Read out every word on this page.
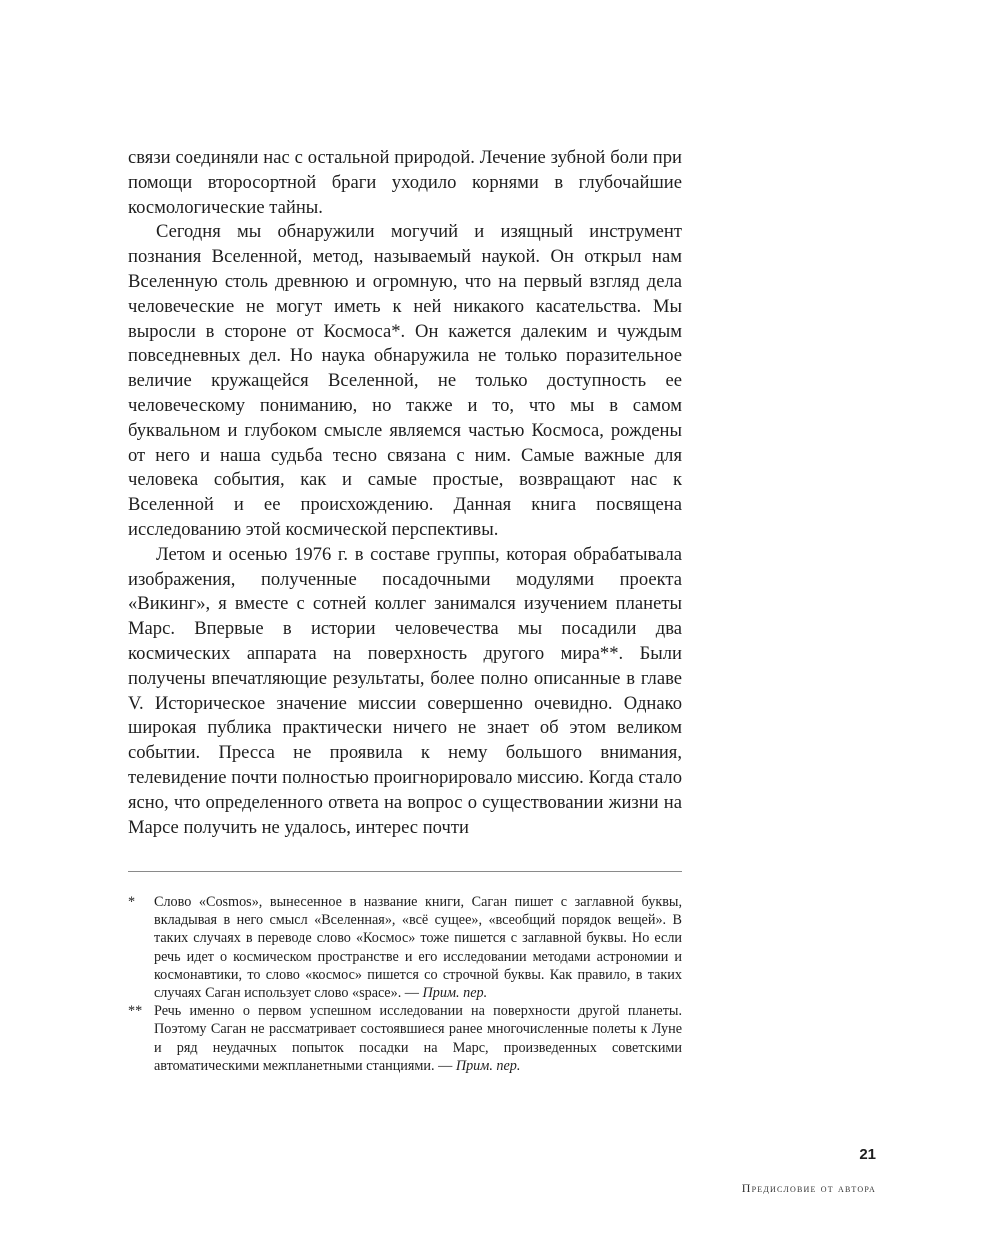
связи соединяли нас с остальной природой. Лечение зубной боли при помощи второсортной браги уходило корнями в глубочайшие космологические тайны.

Сегодня мы обнаружили могучий и изящный инструмент познания Вселенной, метод, называемый наукой. Он открыл нам Вселенную столь древнюю и огромную, что на первый взгляд дела человеческие не могут иметь к ней никакого касательства. Мы выросли в стороне от Космоса*. Он кажется далеким и чуждым повседневных дел. Но наука обнаружила не только поразительное величие кружащейся Вселенной, не только доступность ее человеческому пониманию, но также и то, что мы в самом буквальном и глубоком смысле являемся частью Космоса, рождены от него и наша судьба тесно связана с ним. Самые важные для человека события, как и самые простые, возвращают нас к Вселенной и ее происхождению. Данная книга посвящена исследованию этой космической перспективы.

Летом и осенью 1976 г. в составе группы, которая обрабатывала изображения, полученные посадочными модулями проекта «Викинг», я вместе с сотней коллег занимался изучением планеты Марс. Впервые в истории человечества мы посадили два космических аппарата на поверхность другого мира**. Были получены впечатляющие результаты, более полно описанные в главе V. Историческое значение миссии совершенно очевидно. Однако широкая публика практически ничего не знает об этом великом событии. Пресса не проявила к нему большого внимания, телевидение почти полностью проигнорировало миссию. Когда стало ясно, что определенного ответа на вопрос о существовании жизни на Марсе получить не удалось, интерес почти

*	Слово «Cosmos», вынесенное в название книги, Саган пишет с заглавной буквы, вкладывая в него смысл «Вселенная», «всё сущее», «всеобщий порядок вещей». В таких случаях в переводе слово «Космос» тоже пишется с заглавной буквы. Но если речь идет о космическом пространстве и его исследовании методами астрономии и космонавтики, то слово «космос» пишется со строчной буквы. Как правило, в таких случаях Саган использует слово «space». — Прим. пер.
** Речь именно о первом успешном исследовании на поверхности другой планеты. Поэтому Саган не рассматривает состоявшиеся ранее многочисленные полеты к Луне и ряд неудачных попыток посадки на Марс, произведенных советскими автоматическими межпланетными станциями. — Прим. пер.
21
Предисловие от автора
